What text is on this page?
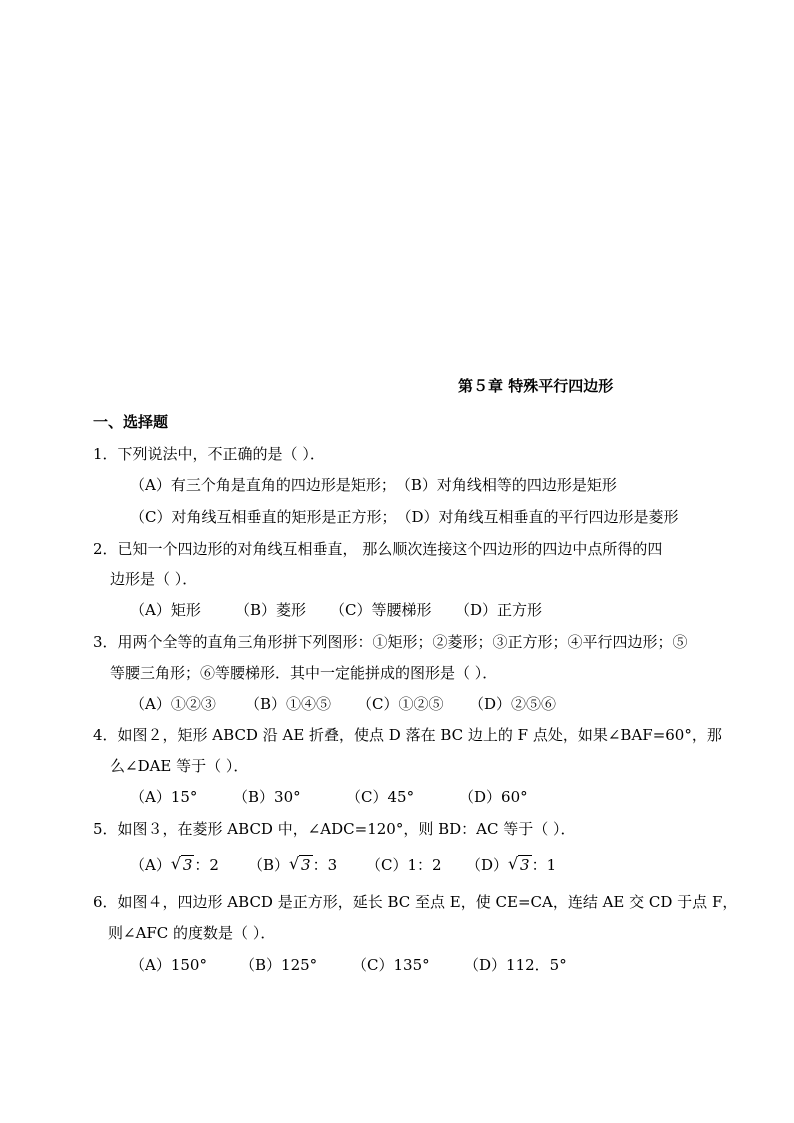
第５章 特殊平行四边形
一、选择题
1．下列说法中，不正确的是（ ）．
（A）有三个角是直角的四边形是矩形；（B）对角线相等的四边形是矩形
（C）对角线互相垂直的矩形是正方形；（D）对角线互相垂直的平行四边形是菱形
2．已知一个四边形的对角线互相垂直， 那么顺次连接这个四边形的四边中点所得的四
边形是（ ）．
（A）矩形 （B）菱形 （C）等腰梯形 （D）正方形
3．用两个全等的直角三角形拼下列图形：①矩形；②菱形；③正方形；④平行四边形；⑤
等腰三角形；⑥等腰梯形．其中一定能拼成的图形是（ ）．
（A）①②③ （B）①④⑤ （C）①②⑤ （D）②⑤⑥
4．如图２，矩形 ABCD 沿 AE 折叠，使点 D 落在 BC 边上的 F 点处，如果∠BAF=60°，那
么∠DAE 等于（ ）．
（A）15° （B）30°	（C）45°	（D）60°
5．如图３，在菱形 ABCD 中，∠ADC=120°，则 BD：AC 等于（ ）．
（A） √ 3 ：2 （B） √ 3 ：3 （C）1：2 （D） √ 3 ：1
6．如图４，四边形 ABCD 是正方形，延长 BC 至点 E，使 CE=CA，连结 AE 交 CD 于点 F，
则∠AFC 的度数是（ ）．
（A）150° （B）125° （C）135° （D）112．5°
